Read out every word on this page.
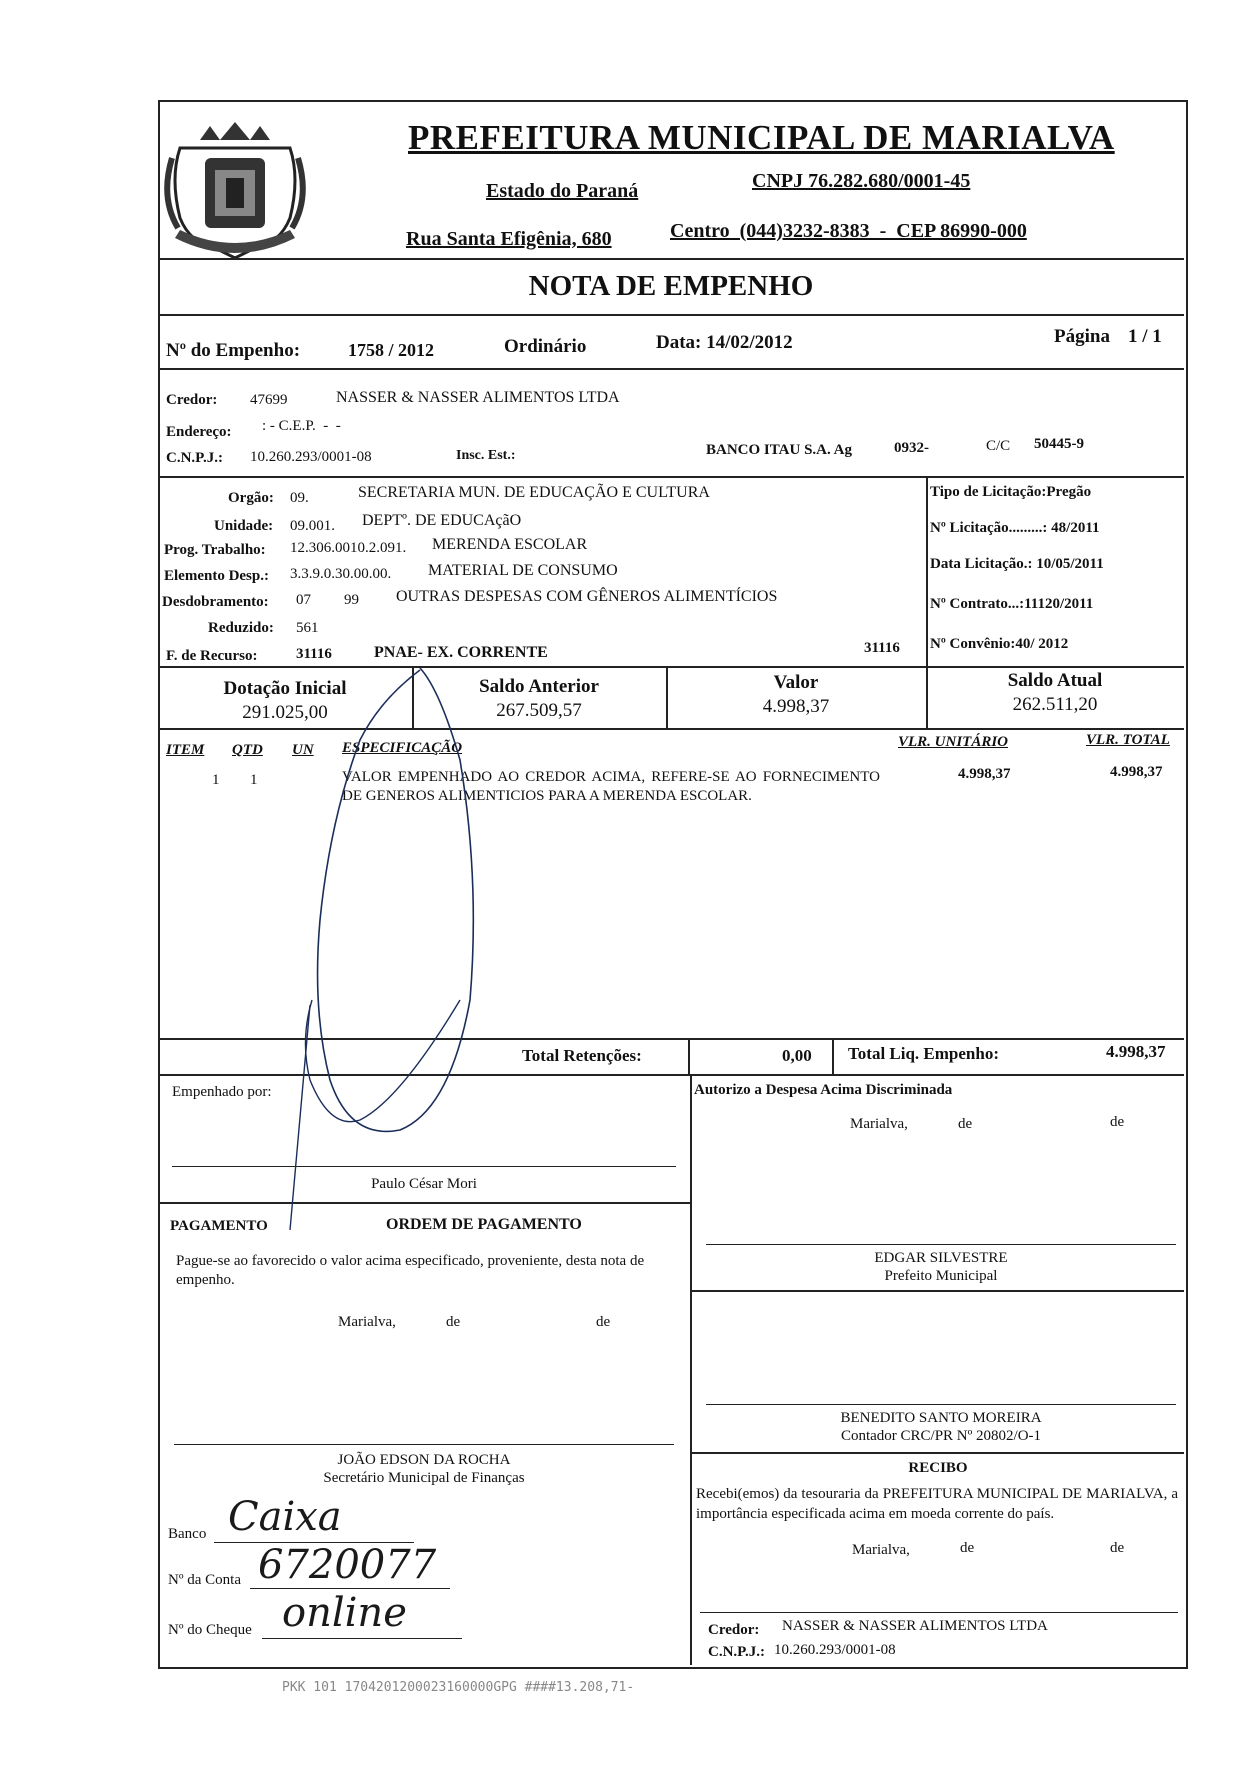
PREFEITURA MUNICIPAL DE MARIALVA
Estado do Paraná	CNPJ 76.282.680/0001-45
Rua Santa Efigênia, 680	Centro  (044)3232-8383  -  CEP 86990-000
NOTA DE EMPENHO
Nº do Empenho:	1758 / 2012	Ordinário	Data: 14/02/2012	Página 1 / 1
Credor: 47699	NASSER & NASSER ALIMENTOS LTDA
Endereço: : - C.E.P.  -  -
C.N.P.J.: 10.260.293/0001-08	Insc. Est.:	BANCO ITAU S.A. Ag	0932-	C/C 50445-9
Orgão: 09.	SECRETARIA MUN. DE EDUCAÇÃO E CULTURA
Unidade: 09.001. DEPTº. DE EDUCAçãO
Prog. Trabalho: 12.306.0010.2.091. MERENDA ESCOLAR
Elemento Desp.: 3.3.9.0.30.00.00. MATERIAL DE CONSUMO
Desdobramento: 07 99 OUTRAS DESPESAS COM GÊNEROS ALIMENTÍCIOS
Reduzido: 561
F. de Recurso:	31116	PNAE- EX. CORRENTE	31116
Tipo de Licitação:Pregão
Nº Licitação.........: 48/2011
Data Licitação.: 10/05/2011
Nº Contrato...:11120/2011
Nº Convênio:40/ 2012
Dotação Inicial
291.025,00
Saldo Anterior
267.509,57
Valor
4.998,37
Saldo Atual
262.511,20
ITEM QTD UN ESPECIFICAÇÃO	VLR. UNITÁRIO	VLR. TOTAL
1 1	VALOR EMPENHADO AO CREDOR ACIMA, REFERE-SE AO FORNECIMENTO DE GENEROS ALIMENTICIOS PARA A MERENDA ESCOLAR.
4.998,37	4.998,37
Total Retenções:	0,00 Total Liq. Empenho:	4.998,37
Empenhado por:
Paulo César Mori
PAGAMENTO	ORDEM DE PAGAMENTO
Pague-se ao favorecido o valor acima especificado, proveniente, desta nota de empenho.
Marialva,	de	de
JOÃO EDSON DA ROCHA
Secretário Municipal de Finanças
Banco Caixa
Nº da Conta 6720077
Nº do Cheque online
Autorizo a Despesa Acima Discriminada
Marialva,	de	de
EDGAR SILVESTRE
Prefeito Municipal
BENEDITO SANTO MOREIRA
Contador CRC/PR Nº 20802/O-1
RECIBO
Recebi(emos) da tesouraria da PREFEITURA MUNICIPAL DE MARIALVA, a importância especificada acima em moeda corrente do país.
Marialva,	de	de
Credor: NASSER & NASSER ALIMENTOS LTDA
C.N.P.J.: 10.260.293/0001-08
PKK 101 1704201200023160000GPG ####13.208,71-
